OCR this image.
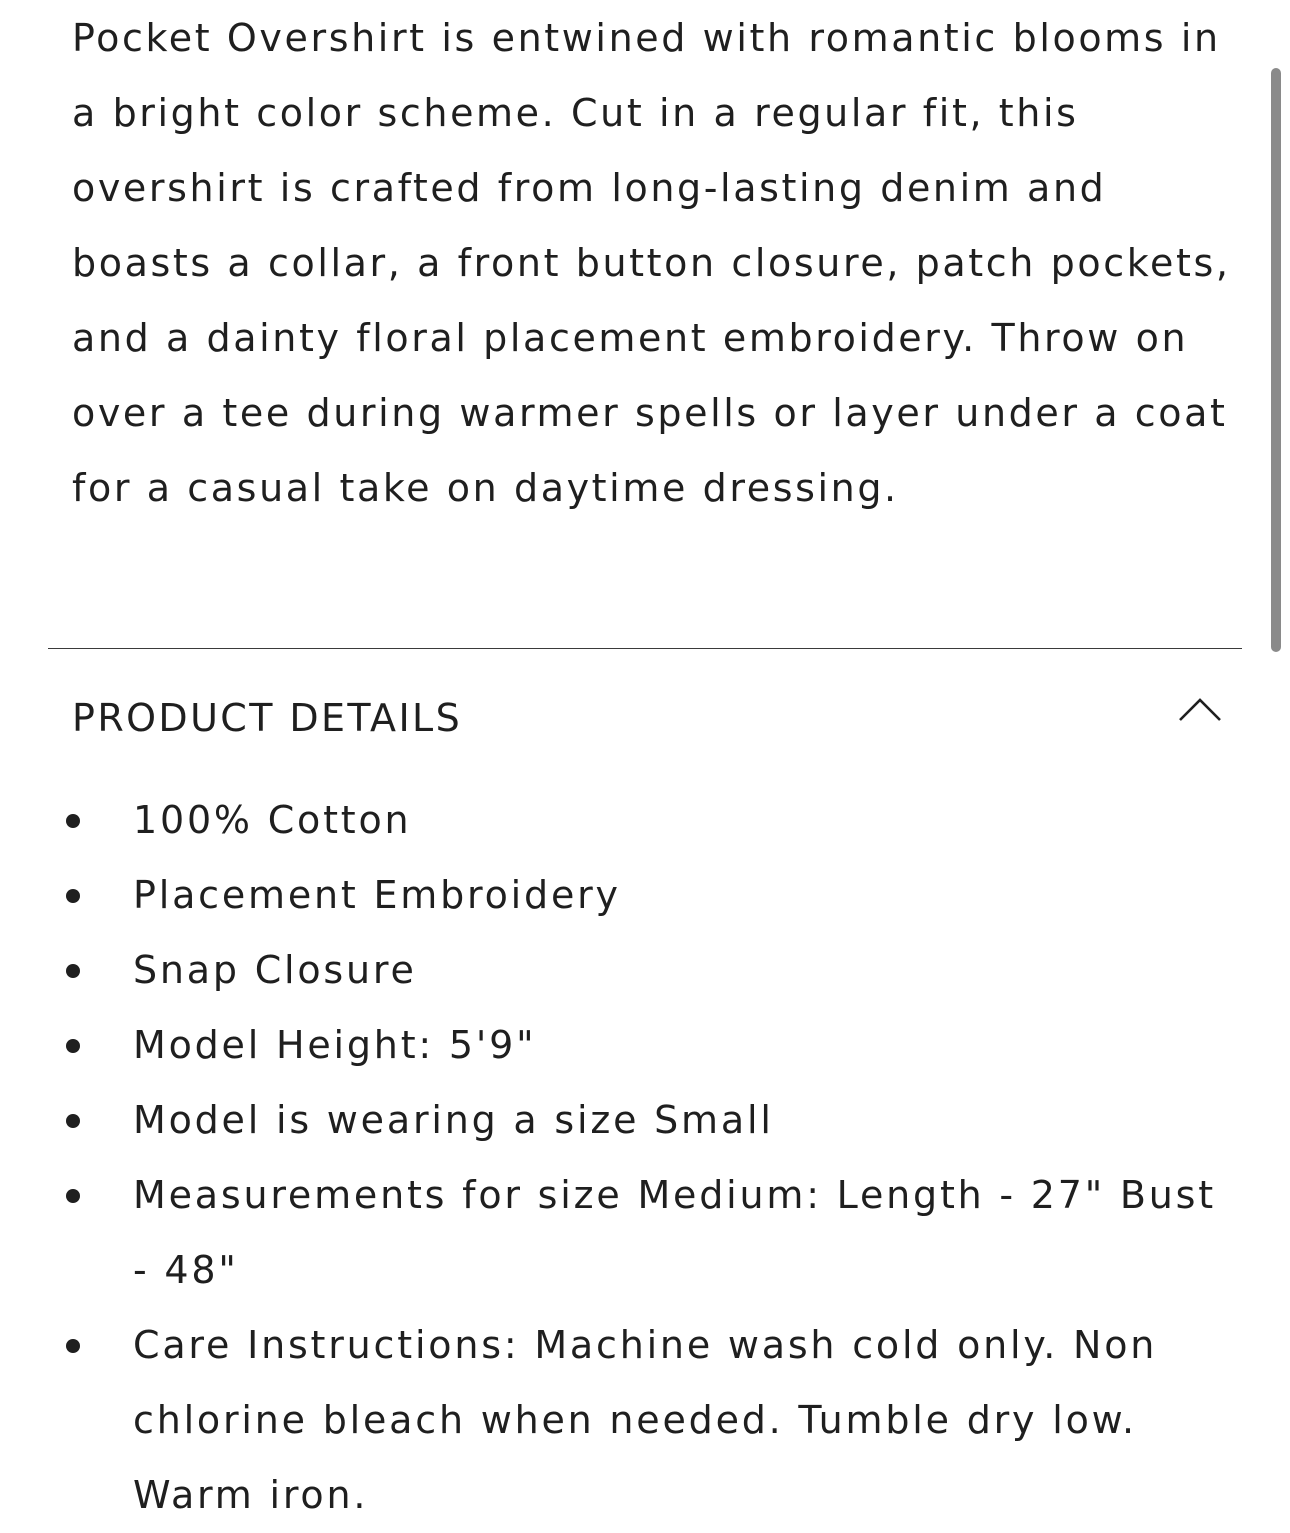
Pocket Overshirt is entwined with romantic blooms in a bright color scheme. Cut in a regular fit, this overshirt is crafted from long-lasting denim and boasts a collar, a front button closure, patch pockets, and a dainty floral placement embroidery. Throw on over a tee during warmer spells or layer under a coat for a casual take on daytime dressing.

PRODUCT DETAILS
100% Cotton
Placement Embroidery
Snap Closure
Model Height: 5'9"
Model is wearing a size Small
Measurements for size Medium: Length - 27" Bust - 48"
Care Instructions: Machine wash cold only. Non chlorine bleach when needed. Tumble dry low. Warm iron.
